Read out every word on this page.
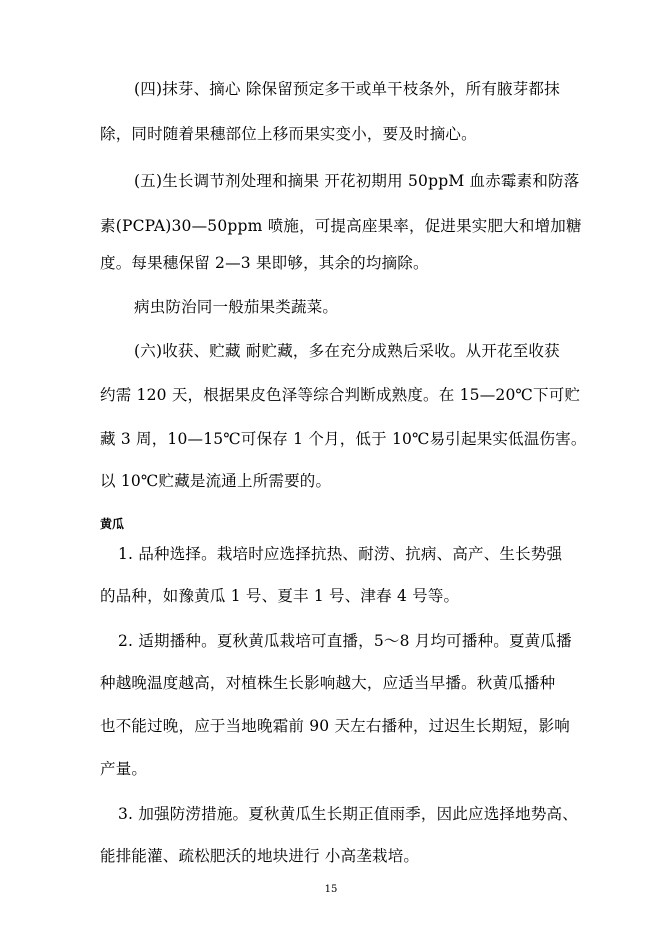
(四)抹芽、摘心 除保留预定多干或单干枝条外，所有腋芽都抹
除，同时随着果穗部位上移而果实变小，要及时摘心。
(五)生长调节剂处理和摘果 开花初期用 50ppM 血赤霉素和防落
素(PCPA)30—50ppm 喷施，可提高座果率，促进果实肥大和增加糖
度。每果穗保留 2—3 果即够，其余的均摘除。
病虫防治同一般茄果类蔬菜。
(六)收获、贮藏 耐贮藏，多在充分成熟后采收。从开花至收获
约需 120 天，根据果皮色泽等综合判断成熟度。在 15—20℃下可贮
藏 3 周，10—15℃可保存 1 个月，低于 10℃易引起果实低温伤害。
以 10℃贮藏是流通上所需要的。
黄瓜
1. 品种选择。栽培时应选择抗热、耐涝、抗病、高产、生长势强
的品种，如豫黄瓜 1 号、夏丰 1 号、津春 4 号等。
2. 适期播种。夏秋黄瓜栽培可直播，5～8 月均可播种。夏黄瓜播
种越晚温度越高，对植株生长影响越大，应适当早播。秋黄瓜播种
也不能过晚，应于当地晚霜前 90 天左右播种，过迟生长期短，影响
产量。
3. 加强防涝措施。夏秋黄瓜生长期正值雨季，因此应选择地势高、
能排能灌、疏松肥沃的地块进行 小高垄栽培。
15
